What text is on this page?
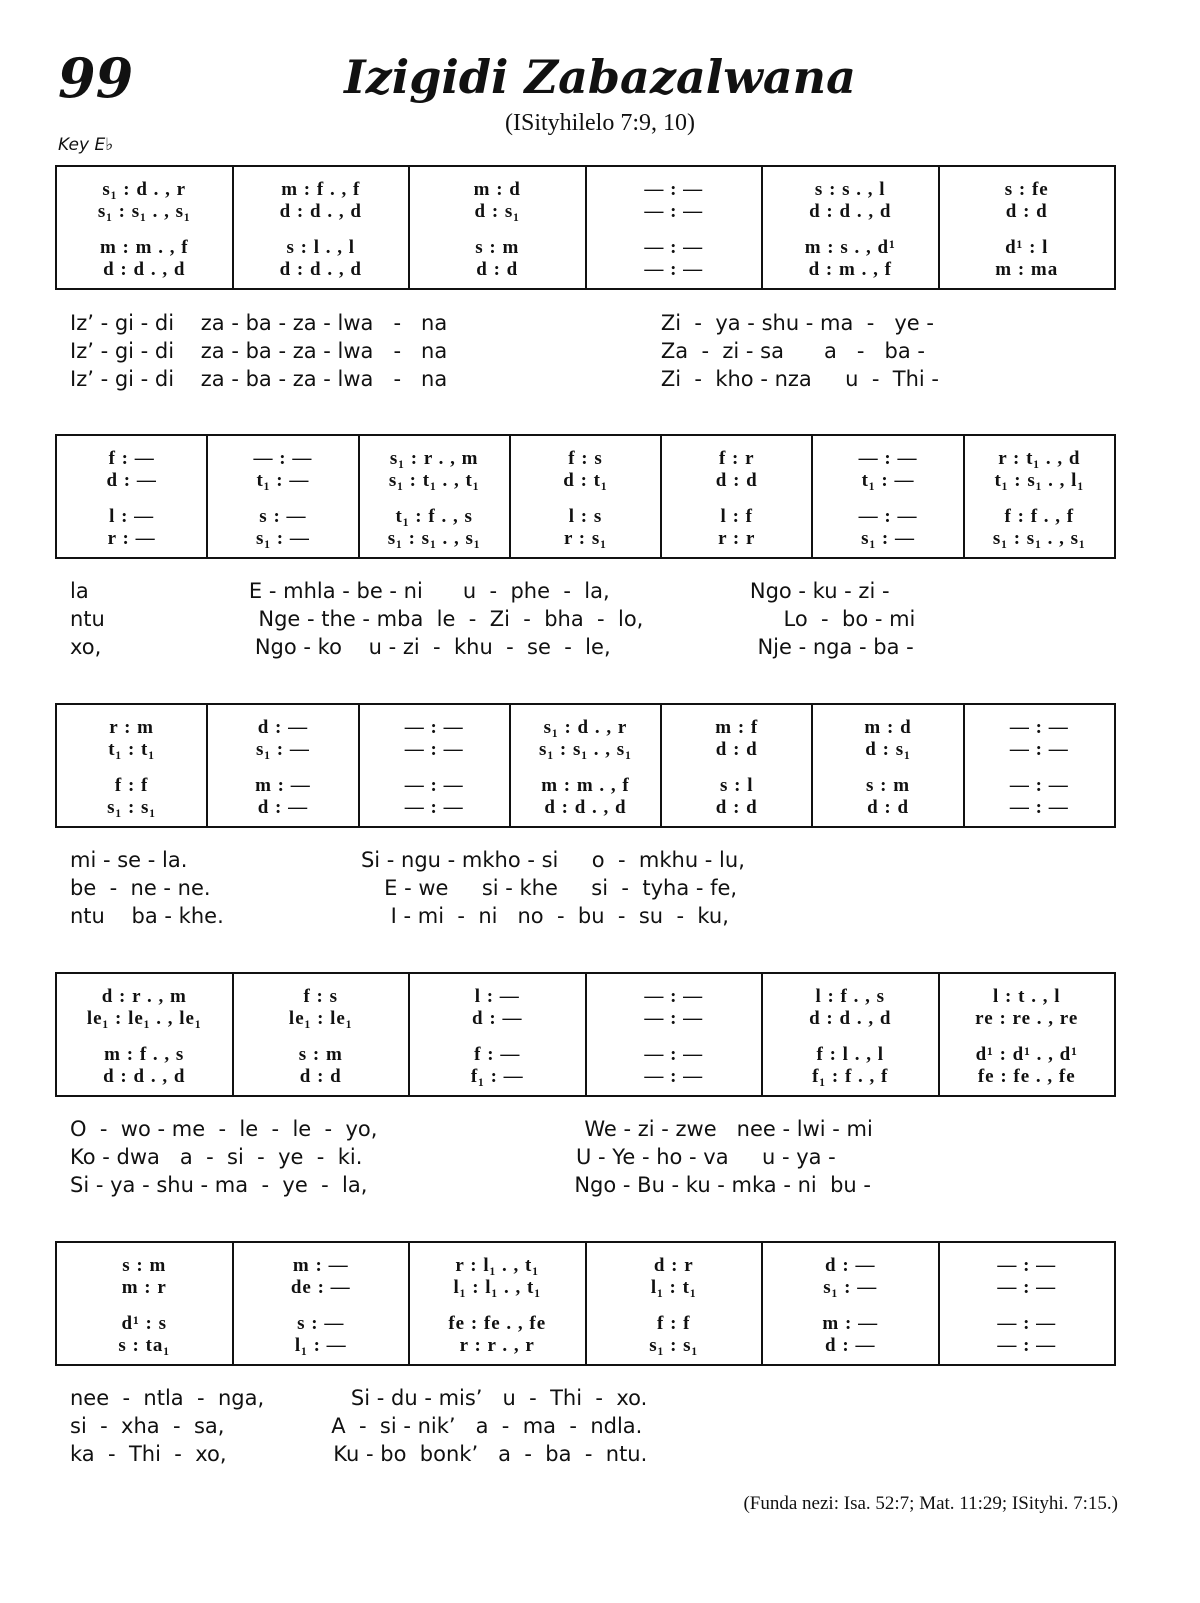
99	Izigidi Zabazalwana
(ISityhilelo 7:9, 10)
Key E♭
s₁ : d . , r
s₁ : s₁ . , s₁
m : m . , f
d : d . , d
m : f . , f
d : d . , d
s : l . , l
d : d . , d
m : d
d : s₁
s : m
d : d
— : —
— : —
— : —
— : —
s : s . , l
d : d . , d
m : s . , d¹
d : m . , f
s : fe
d : d
d¹ : l
m : ma
Iz’ - gi - di    za - ba - za - lwa   -   na                                Zi  -  ya - shu - ma  -   ye -
Iz’ - gi - di    za - ba - za - lwa   -   na                                Za  -  zi - sa      a   -   ba -
Iz’ - gi - di    za - ba - za - lwa   -   na                                Zi  -  kho - nza     u  -  Thi -
f : —
d : —
l : —
r : —
— : —
t₁ : —
s : —
s₁ : —
s₁ : r . , m
s₁ : t₁ . , t₁
t₁ : f . , s
s₁ : s₁ . , s₁
f : s
d : t₁
l : s
r : s₁
f : r
d : d
l : f
r : r
— : —
t₁ : —
— : —
s₁ : —
r : t₁ . , d
t₁ : s₁ . , l₁
f : f . , f
s₁ : s₁ . , s₁
la                        E - mhla - be - ni      u  -  phe  -  la,                     Ngo - ku - zi -
ntu                       Nge - the - mba  le  -  Zi  -  bha  -  lo,                     Lo  -  bo - mi
xo,                       Ngo - ko    u - zi  -  khu  -  se  -  le,                      Nje - nga - ba -
r : m
t₁ : t₁
f : f
s₁ : s₁
d : —
s₁ : —
m : —
d : —
— : —
— : —
— : —
— : —
s₁ : d . , r
s₁ : s₁ . , s₁
m : m . , f
d : d . , d
m : f
d : d
s : l
d : d
m : d
d : s₁
s : m
d : d
— : —
— : —
— : —
— : —
mi - se - la.                          Si - ngu - mkho - si     o  -  mkhu - lu,
be  -  ne - ne.                          E - we     si - khe     si  -  tyha - fe,
ntu    ba - khe.                         I - mi  -  ni   no  -  bu  -  su  -  ku,
d : r . , m
le₁ : le₁ . , le₁
m : f . , s
d : d . , d
f : s
le₁ : le₁
s : m
d : d
l : —
d : —
f : —
f₁ : —
— : —
— : —
— : —
— : —
l : f . , s
d : d . , d
f : l . , l
f₁ : f . , f
l : t . , l
re : re . , re
d¹ : d¹ . , d¹
fe : fe . , fe
O  -  wo - me  -  le  -  le  -  yo,                               We - zi - zwe   nee - lwi - mi
Ko - dwa   a  -  si  -  ye  -  ki.                                U - Ye - ho - va     u - ya -
Si - ya - shu - ma  -  ye  -  la,                               Ngo - Bu - ku - mka - ni  bu -
s : m
m : r
d¹ : s
s : ta₁
m : —
de : —
s : —
l₁ : —
r : l₁ . , t₁
l₁ : l₁ . , t₁
fe : fe . , fe
r : r . , r
d : r
l₁ : t₁
f : f
s₁ : s₁
d : —
s₁ : —
m : —
d : —
— : —
— : —
— : —
— : —
nee  -  ntla  -  nga,             Si - du - mis’   u  -  Thi  -  xo.
si  -  xha  -  sa,                A  -  si - nik’   a  -  ma  -  ndla.
ka  -  Thi  -  xo,                Ku - bo  bonk’   a  -  ba  -  ntu.
(Funda nezi: Isa. 52:7; Mat. 11:29; ISityhi. 7:15.)
